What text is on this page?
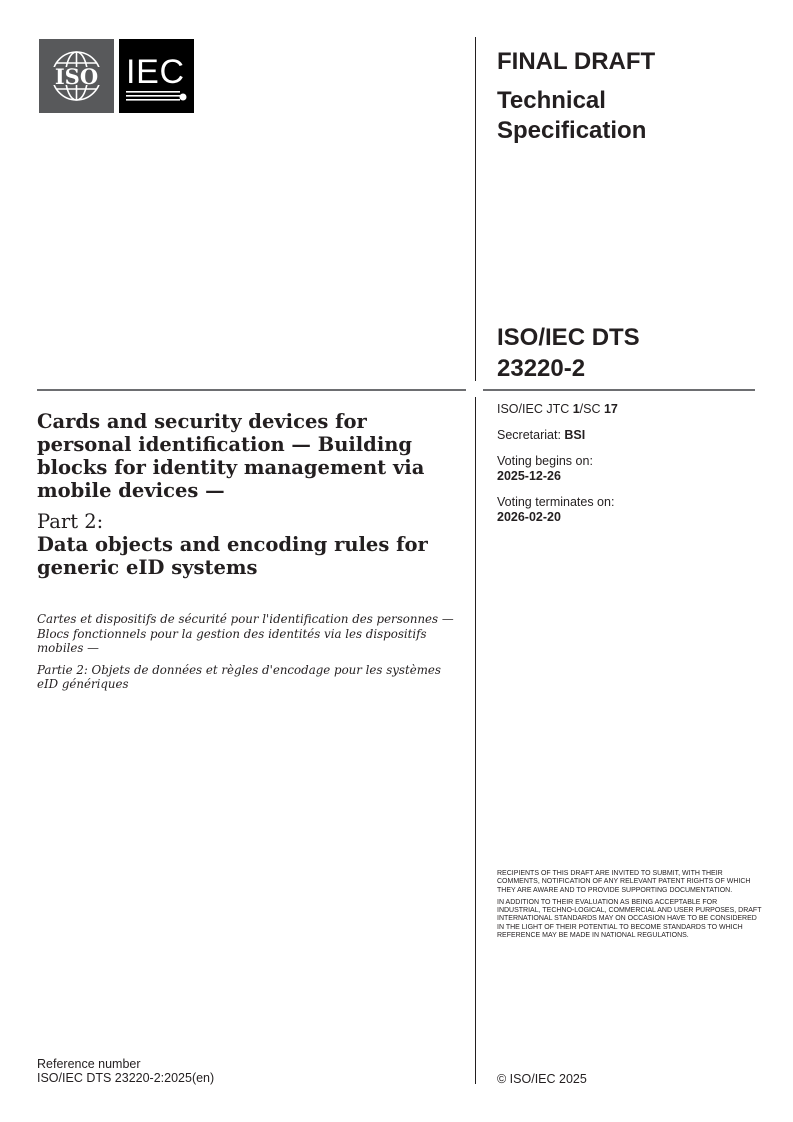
ISO IEC	FINAL DRAFT
Technical
Specification
ISO/IEC DTS
23220-2

ISO/IEC JTC 1/SC 17

Secretariat: BSI

Voting begins on:
2025-12-26

Voting terminates on:
2026-02-20

Cards and security devices for personal identification — Building blocks for identity management via mobile devices —
Part 2:
Data objects and encoding rules for generic eID systems

Cartes et dispositifs de sécurité pour l'identification des personnes — Blocs fonctionnels pour la gestion des identités via les dispositifs mobiles —

Partie 2: Objets de données et règles d'encodage pour les systèmes eID génériques

RECIPIENTS OF THIS DRAFT ARE INVITED TO SUBMIT, WITH THEIR COMMENTS, NOTIFICATION OF ANY RELEVANT PATENT RIGHTS OF WHICH THEY ARE AWARE AND TO PROVIDE SUPPORTING DOCUMENTATION.

IN ADDITION TO THEIR EVALUATION AS BEING ACCEPTABLE FOR INDUSTRIAL, TECHNO-LOGICAL, COMMERCIAL AND USER PURPOSES, DRAFT INTERNATIONAL STANDARDS MAY ON OCCASION HAVE TO BE CONSIDERED IN THE LIGHT OF THEIR POTENTIAL TO BECOME STANDARDS TO WHICH REFERENCE MAY BE MADE IN NATIONAL REGULATIONS.

Reference number
ISO/IEC DTS 23220-2:2025(en)	© ISO/IEC 2025
